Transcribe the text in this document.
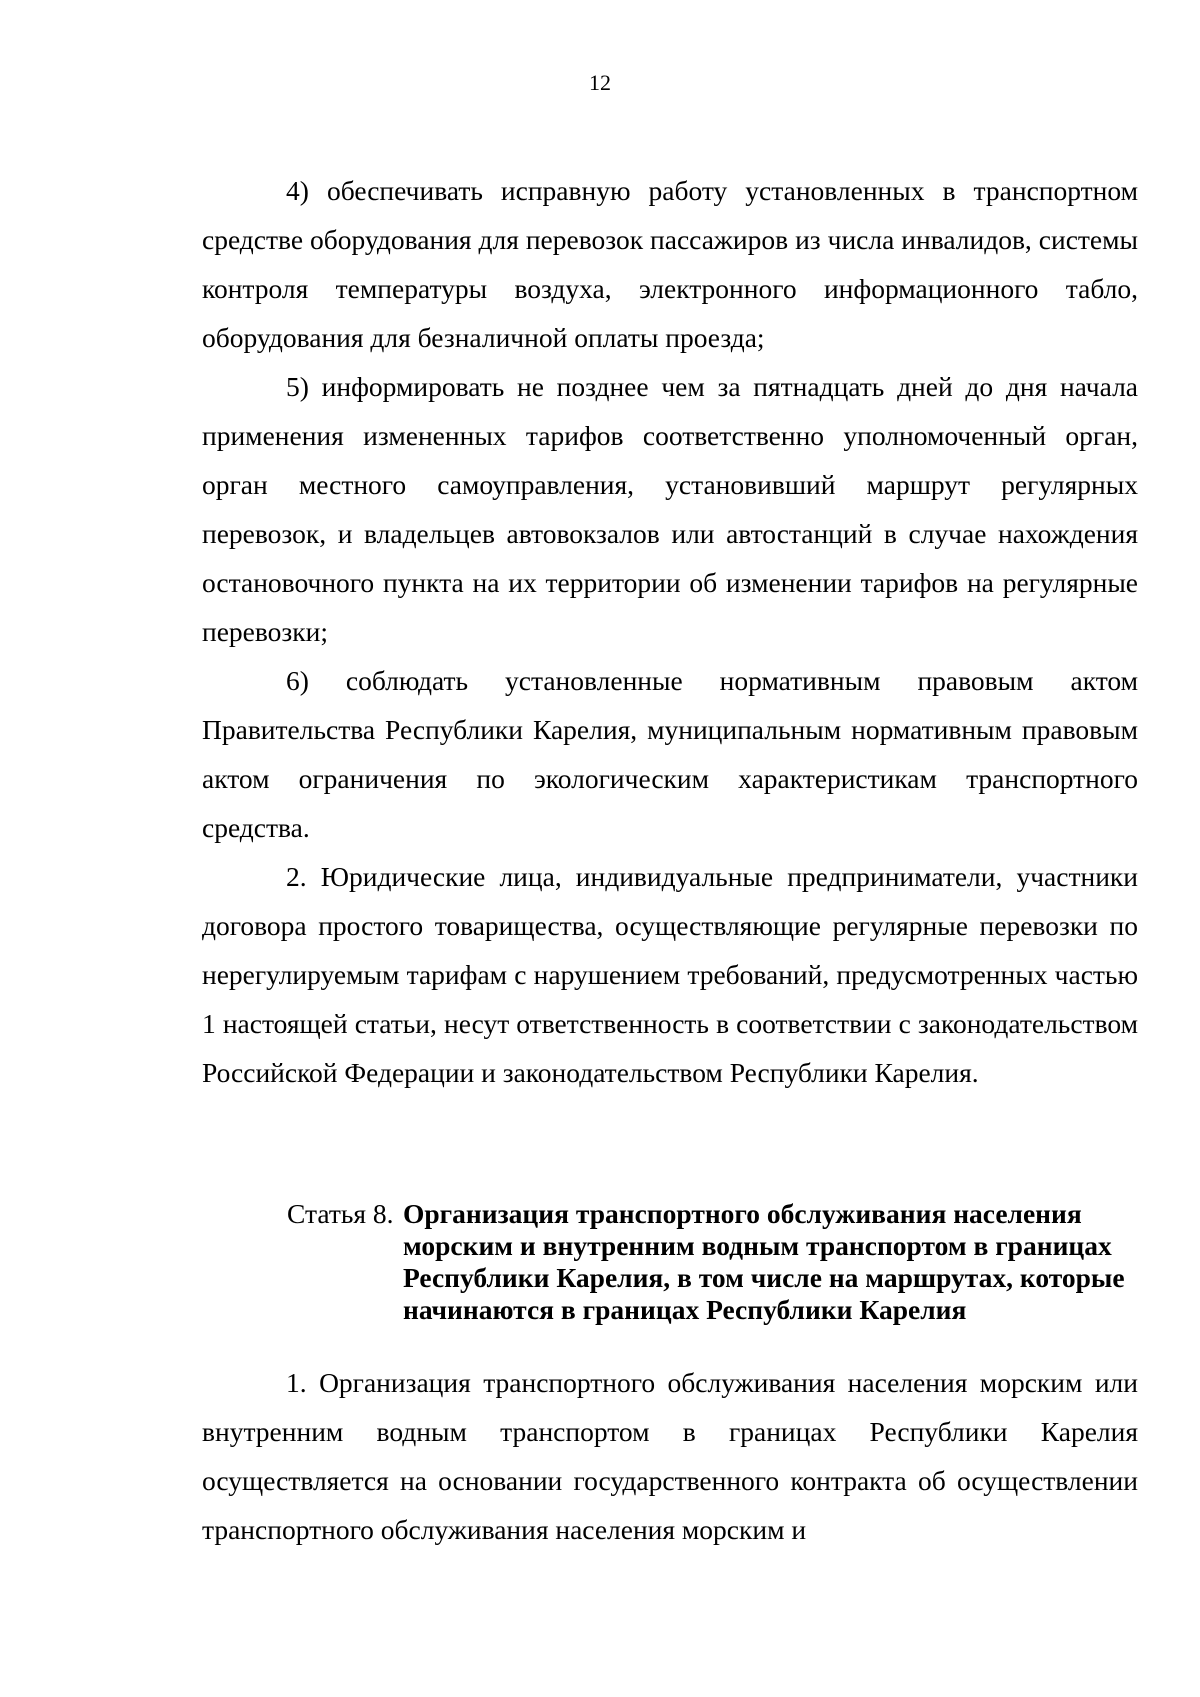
12

4) обеспечивать исправную работу установленных в транспортном средстве оборудования для перевозок пассажиров из числа инвалидов, системы контроля температуры воздуха, электронного информационного табло, оборудования для безналичной оплаты проезда;

5) информировать не позднее чем за пятнадцать дней до дня начала применения измененных тарифов соответственно уполномоченный орган, орган местного самоуправления, установивший маршрут регулярных перевозок, и владельцев автовокзалов или автостанций в случае нахождения остановочного пункта на их территории об изменении тарифов на регулярные перевозки;

6) соблюдать установленные нормативным правовым актом Правительства Республики Карелия, муниципальным нормативным правовым актом ограничения по экологическим характеристикам транспортного средства.

2. Юридические лица, индивидуальные предприниматели, участники договора простого товарищества, осуществляющие регулярные перевозки по нерегулируемым тарифам с нарушением требований, предусмотренных частью 1 настоящей статьи, несут ответственность в соответствии с законодательством Российской Федерации и законодательством Республики Карелия.

Статья 8. Организация транспортного обслуживания населения морским и внутренним водным транспортом в границах Республики Карелия, в том числе на маршрутах, которые начинаются в границах Республики Карелия

1. Организация транспортного обслуживания населения морским или внутренним водным транспортом в границах Республики Карелия осуществляется на основании государственного контракта об осуществлении транспортного обслуживания населения морским и
